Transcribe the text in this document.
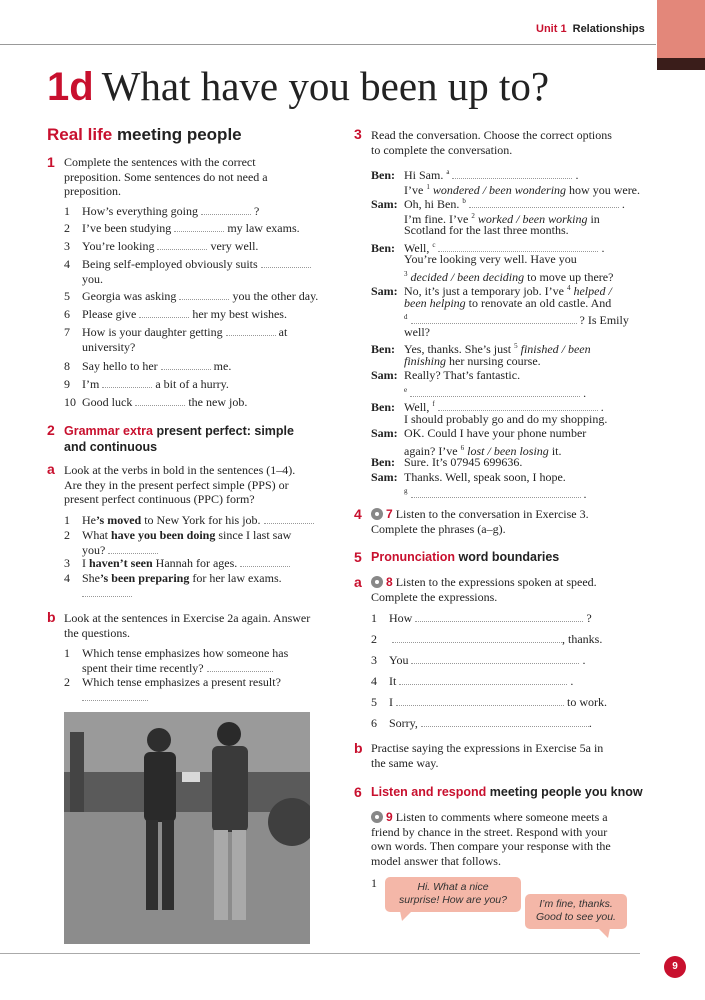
Unit 1 Relationships
1d What have you been up to?
Real life meeting people
1 Complete the sentences with the correct
preposition. Some sentences do not need a
preposition.
1 How’s everything going	?
2 I’ve been studying	my law exams.
3 You’re looking	very well.
4 Being self-employed obviously suits
you.
5 Georgia was asking	you the other day.
6 Please give	her my best wishes.
7 How is your daughter getting	at
university?
8 Say hello to her	me.
9 I’m	a bit of a hurry.
10 Good luck	the new job.
2 Grammar extra present perfect: simple
and continuous
a Look at the verbs in bold in the sentences (1–4).
Are they in the present perfect simple (PPS) or
present perfect continuous (PPC) form?
1 He’s moved to New York for his job.
2 What have you been doing since I last saw
you?
3 I haven’t seen Hannah for ages.
4 She’s been preparing for her law exams.

b Look at the sentences in Exercise 2a again. Answer
the questions.
1 Which tense emphasizes how someone has
spent their time recently?
2 Which tense emphasizes a present result?

3 Read the conversation. Choose the correct options
to complete the conversation.
Ben: Hi Sam. $^a$	.
I’ve $^1$ wondered / been wondering how you were.
Sam: Oh, hi Ben. $^b$	.
I’m fine. I’ve $^2$ worked / been working in
Scotland for the last three months.
Ben: Well, $^c$	.
You’re looking very well. Have you
$^3$ decided / been deciding to move up there?
Sam: No, it’s just a temporary job. I’ve $^4$ helped /
been helping to renovate an old castle. And
$^d$	? Is Emily
well?
Ben: Yes, thanks. She’s just $^5$ finished / been
finishing her nursing course.
Sam: Really? That’s fantastic.
$^e$	.
Ben: Well, $^f$	.
I should probably go and do my shopping.
Sam: OK. Could I have your phone number
again? I’ve $^6$ lost / been losing it.
Ben: Sure. It’s 07945 699636.
Sam: Thanks. Well, speak soon, I hope.
$^g$	.
4	7 Listen to the conversation in Exercise 3.
Complete the phrases (a–g).
5 Pronunciation word boundaries
a	8 Listen to the expressions spoken at speed.
Complete the expressions.
1 How	?
2	, thanks.
3 You	.
4 It	.
5 I	to work.
6 Sorry,	.
b Practise saying the expressions in Exercise 5a in
the same way.
6 Listen and respond meeting people you know
9 Listen to comments where someone meets a
friend by chance in the street. Respond with your
own words. Then compare your response with the
model answer that follows.
1	Hi. What a nice
surprise! How are you?	I’m fine, thanks.
Good to see you.
9
